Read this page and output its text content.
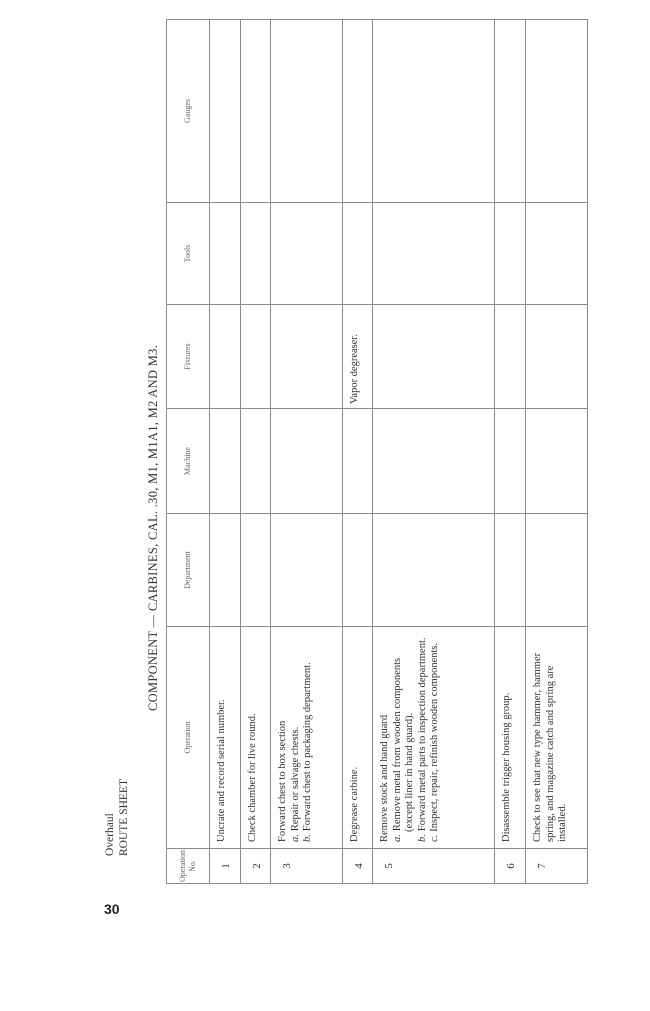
30
Overhaul ROUTE SHEET
COMPONENT — CARBINES, CAL. .30, M1, M1A1, M2 AND M3.
Operation
No.	Operation	Department	Machine	Fixtures	Tools	Gauges
1	Uncrate and record serial number.					

2	Check chamber for live round.					

3	Forward chest to box section a.Repair or salvage chests.
b.Forward chest to packaging department.					

4	Degrease carbine.			Vapor degreaser.		
5	Remove stock and hand guard a.Remove metal from wooden components (except liner in hand guard).
b.Forward metal parts to inspection department.
c.Inspect, repair, refinish wooden components.					

6	Disassemble trigger housing group.					

7	Check to see that new type hammer, hammer spring, and magazine catch and spring are installed.					
